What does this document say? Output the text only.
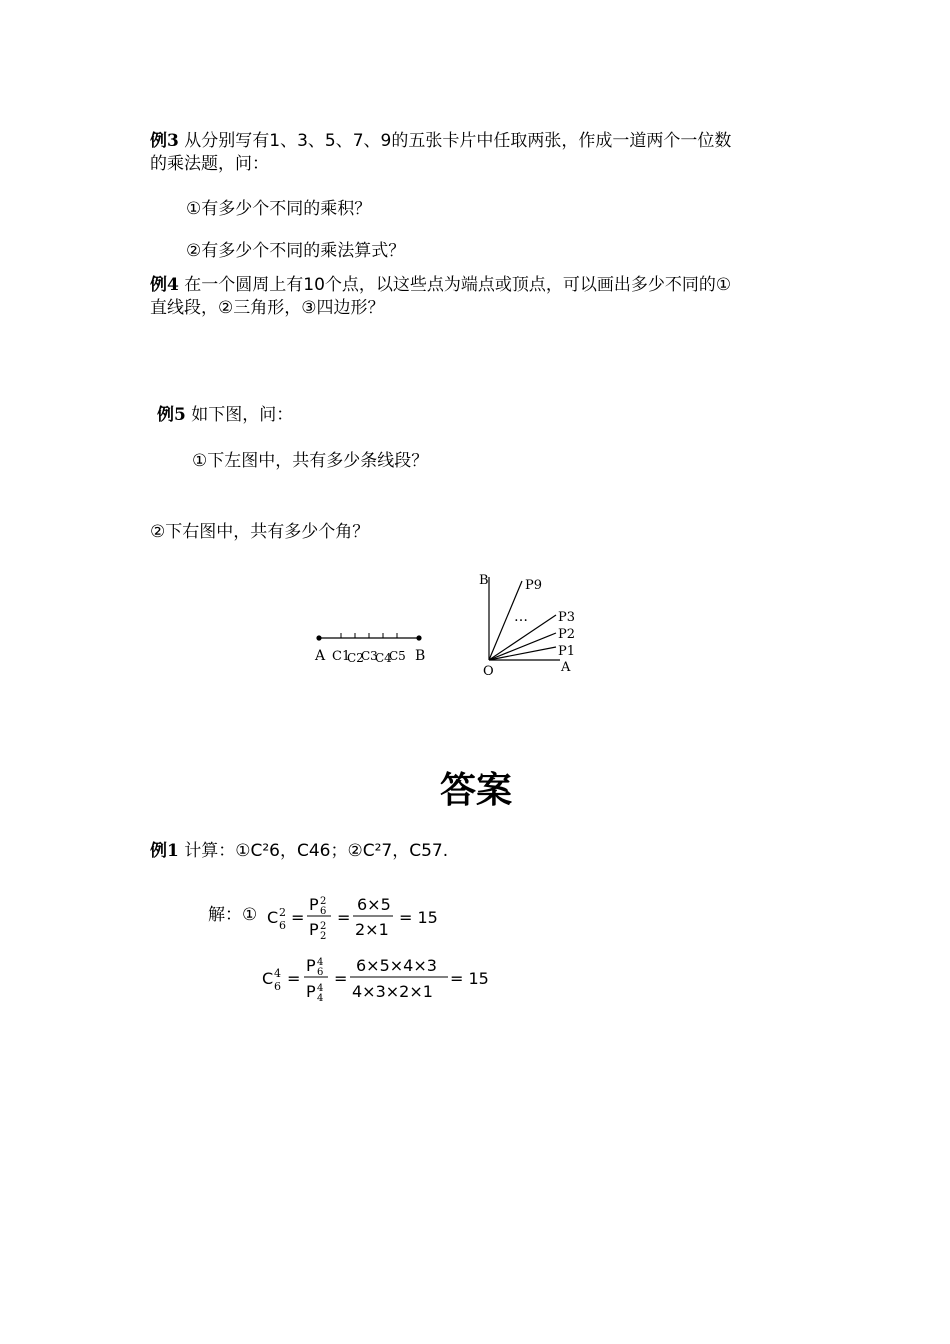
例3 从分别写有1、3、5、7、9的五张卡片中任取两张，作成一道两个一位数
的乘法题，问：
①有多少个不同的乘积？
②有多少个不同的乘法算式？
例4 在一个圆周上有10个点，以这些点为端点或顶点，可以画出多少不同的①
直线段，②三角形，③四边形？
例5 如下图，问：
①下左图中，共有多少条线段？
②下右图中，共有多少个角？
A	B
C1
C2
C3
C4
C5
B
O	A
P9
P3
P2
P1
…
答案
例1 计算：①C²6，C46；②C²7，C57.
解：① C 2
6 =
P 2
6
P 2
2
=
6×5
2×1
= 15
C 4
6 =
P 4
6
P 4
4
=
6×5×4×3
4×3×2×1
= 15
